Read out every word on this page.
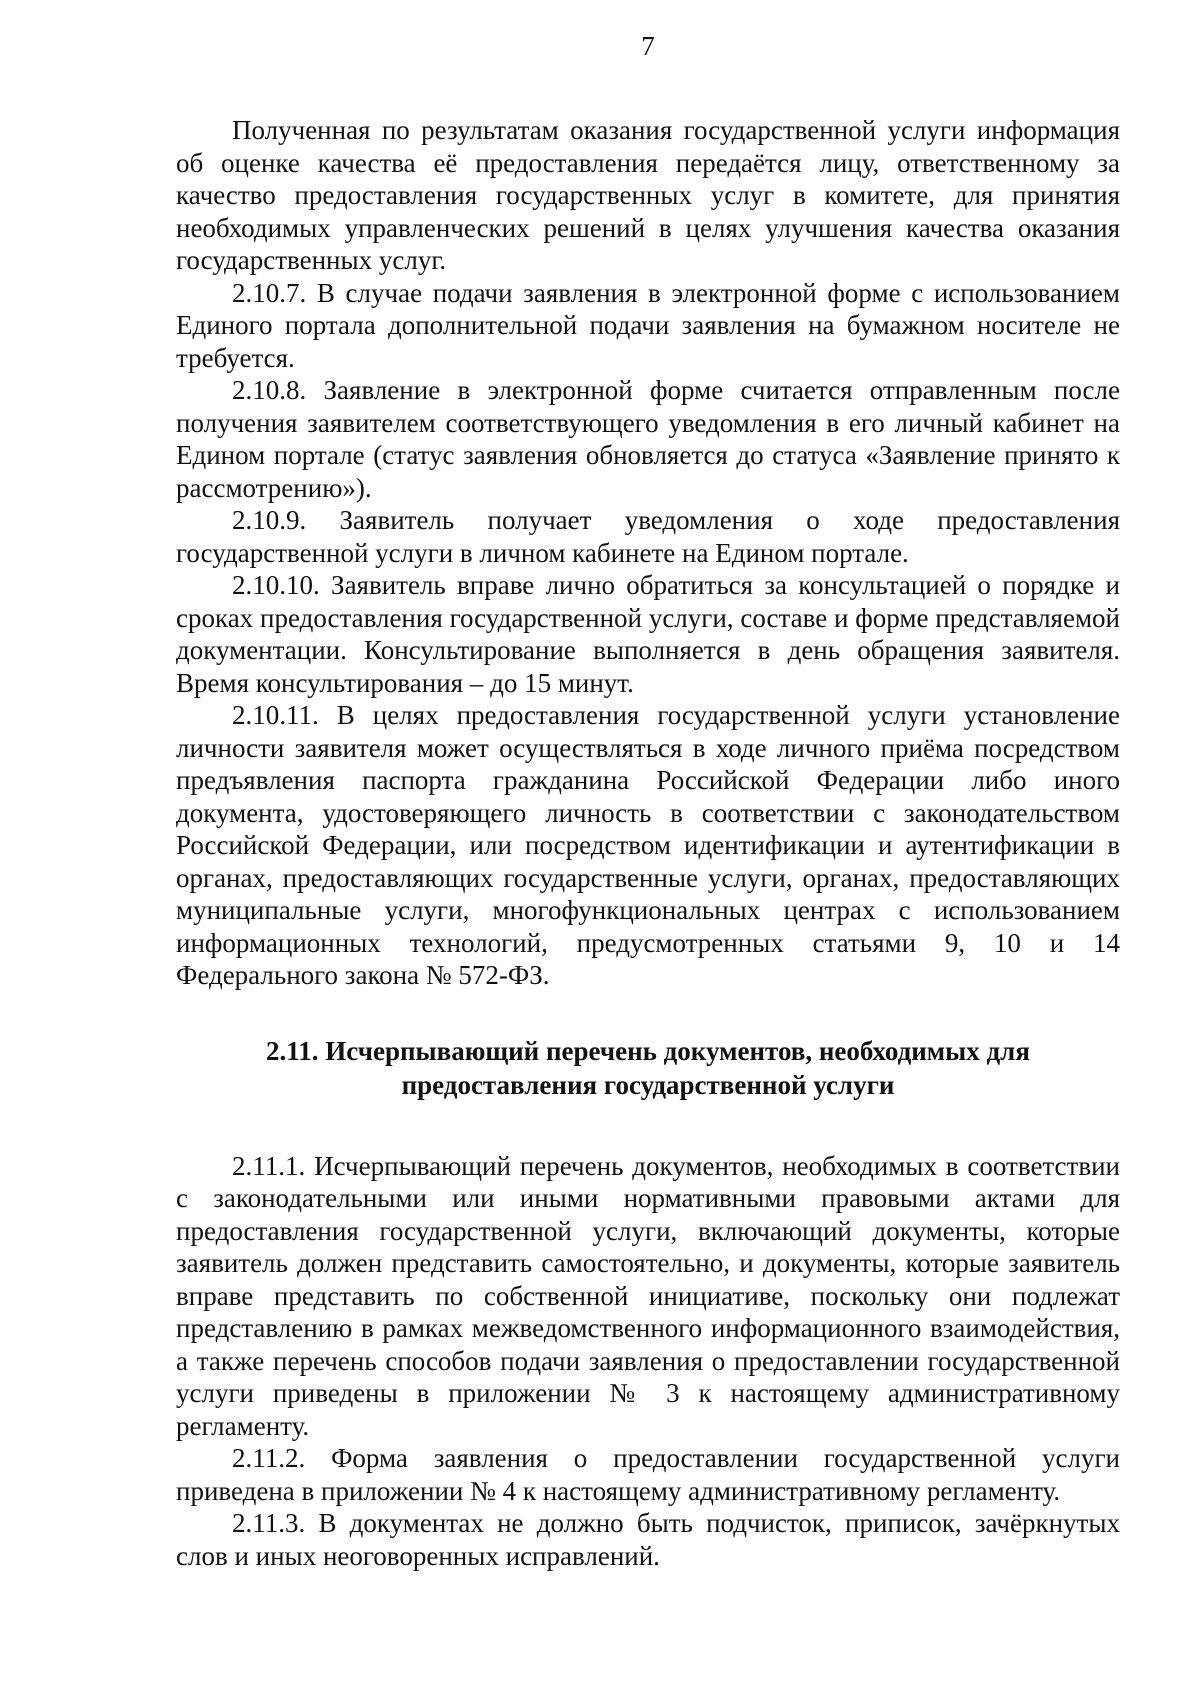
7

Полученная по результатам оказания государственной услуги информация об оценке качества её предоставления передаётся лицу, ответственному за качество предоставления государственных услуг в комитете, для принятия необходимых управленческих решений в целях улучшения качества оказания государственных услуг.

2.10.7. В случае подачи заявления в электронной форме с использованием Единого портала дополнительной подачи заявления на бумажном носителе не требуется.

2.10.8. Заявление в электронной форме считается отправленным после получения заявителем соответствующего уведомления в его личный кабинет на Едином портале (статус заявления обновляется до статуса «Заявление принято к рассмотрению»).

2.10.9. Заявитель получает уведомления о ходе предоставления государственной услуги в личном кабинете на Едином портале.

2.10.10. Заявитель вправе лично обратиться за консультацией о порядке и сроках предоставления государственной услуги, составе и форме представляемой документации. Консультирование выполняется в день обращения заявителя. Время консультирования – до 15 минут.

2.10.11. В целях предоставления государственной услуги установление личности заявителя может осуществляться в ходе личного приёма посредством предъявления паспорта гражданина Российской Федерации либо иного документа, удостоверяющего личность в соответствии с законодательством Российской Федерации, или посредством идентификации и аутентификации в органах, предоставляющих государственные услуги, органах, предоставляющих муниципальные услуги, многофункциональных центрах с использованием информационных технологий, предусмотренных статьями 9, 10 и 14 Федерального закона № 572-ФЗ.

2.11. Исчерпывающий перечень документов, необходимых для предоставления государственной услуги

2.11.1. Исчерпывающий перечень документов, необходимых в соответствии с законодательными или иными нормативными правовыми актами для предоставления государственной услуги, включающий документы, которые заявитель должен представить самостоятельно, и документы, которые заявитель вправе представить по собственной инициативе, поскольку они подлежат представлению в рамках межведомственного информационного взаимодействия, а также перечень способов подачи заявления о предоставлении государственной услуги приведены в приложении № 3 к настоящему административному регламенту.

2.11.2. Форма заявления о предоставлении государственной услуги приведена в приложении № 4 к настоящему административному регламенту.

2.11.3. В документах не должно быть подчисток, приписок, зачёркнутых слов и иных неоговоренных исправлений.
